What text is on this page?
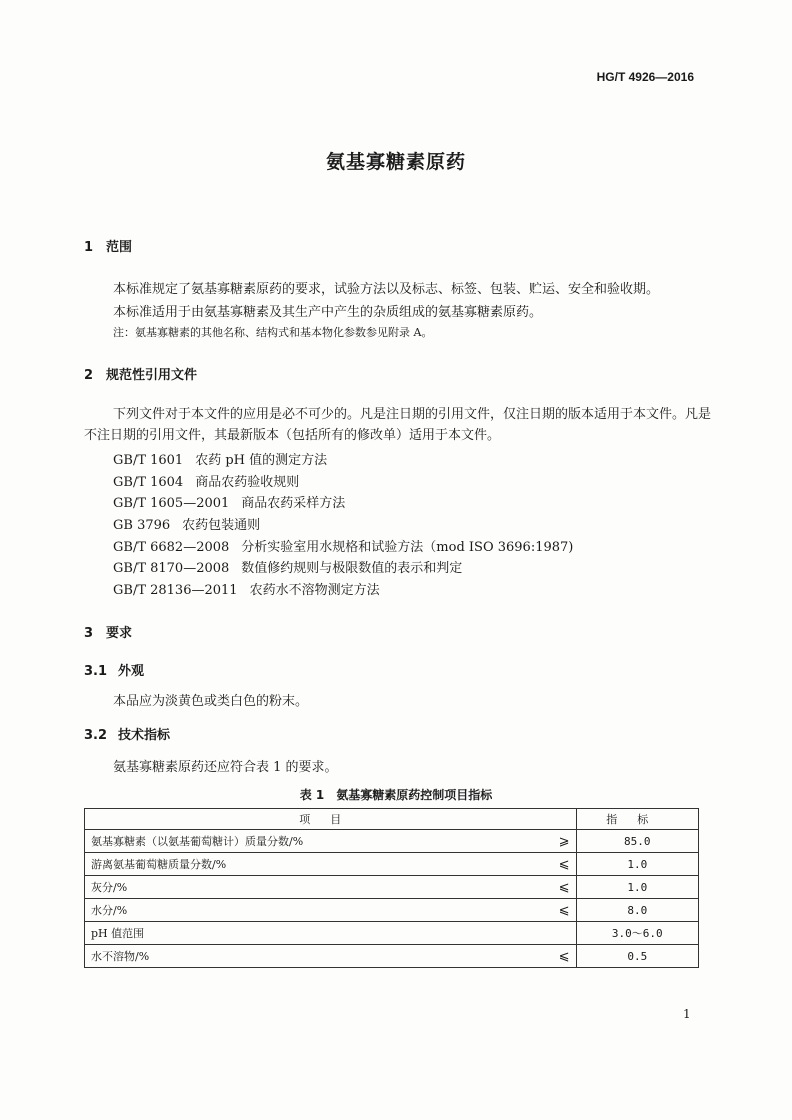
HG/T 4926—2016
氨基寡糖素原药
1 范围
本标准规定了氨基寡糖素原药的要求，试验方法以及标志、标签、包装、贮运、安全和验收期。
本标准适用于由氨基寡糖素及其生产中产生的杂质组成的氨基寡糖素原药。
注：氨基寡糖素的其他名称、结构式和基本物化参数参见附录 A。
2 规范性引用文件
下列文件对于本文件的应用是必不可少的。凡是注日期的引用文件，仅注日期的版本适用于本文件。凡是不注日期的引用文件，其最新版本（包括所有的修改单）适用于本文件。
GB/T 1601 农药 pH 值的测定方法
GB/T 1604 商品农药验收规则
GB/T 1605—2001 商品农药采样方法
GB 3796 农药包装通则
GB/T 6682—2008 分析实验室用水规格和试验方法（mod ISO 3696:1987)
GB/T 8170—2008 数值修约规则与极限数值的表示和判定
GB/T 28136—2011 农药水不溶物测定方法
3 要求
3.1 外观
本品应为淡黄色或类白色的粉末。
3.2 技术指标
氨基寡糖素原药还应符合表 1 的要求。
表 1　氨基寡糖素原药控制项目指标
项目		指标
氨基寡糖素（以氨基葡萄糖计）质量分数/%	⩾	85.0
游离氨基葡萄糖质量分数/%	⩽	1.0
灰分/%	⩽	1.0
水分/%	⩽	8.0
pH 值范围		3.0～6.0
水不溶物/%	⩽	0.5
1
